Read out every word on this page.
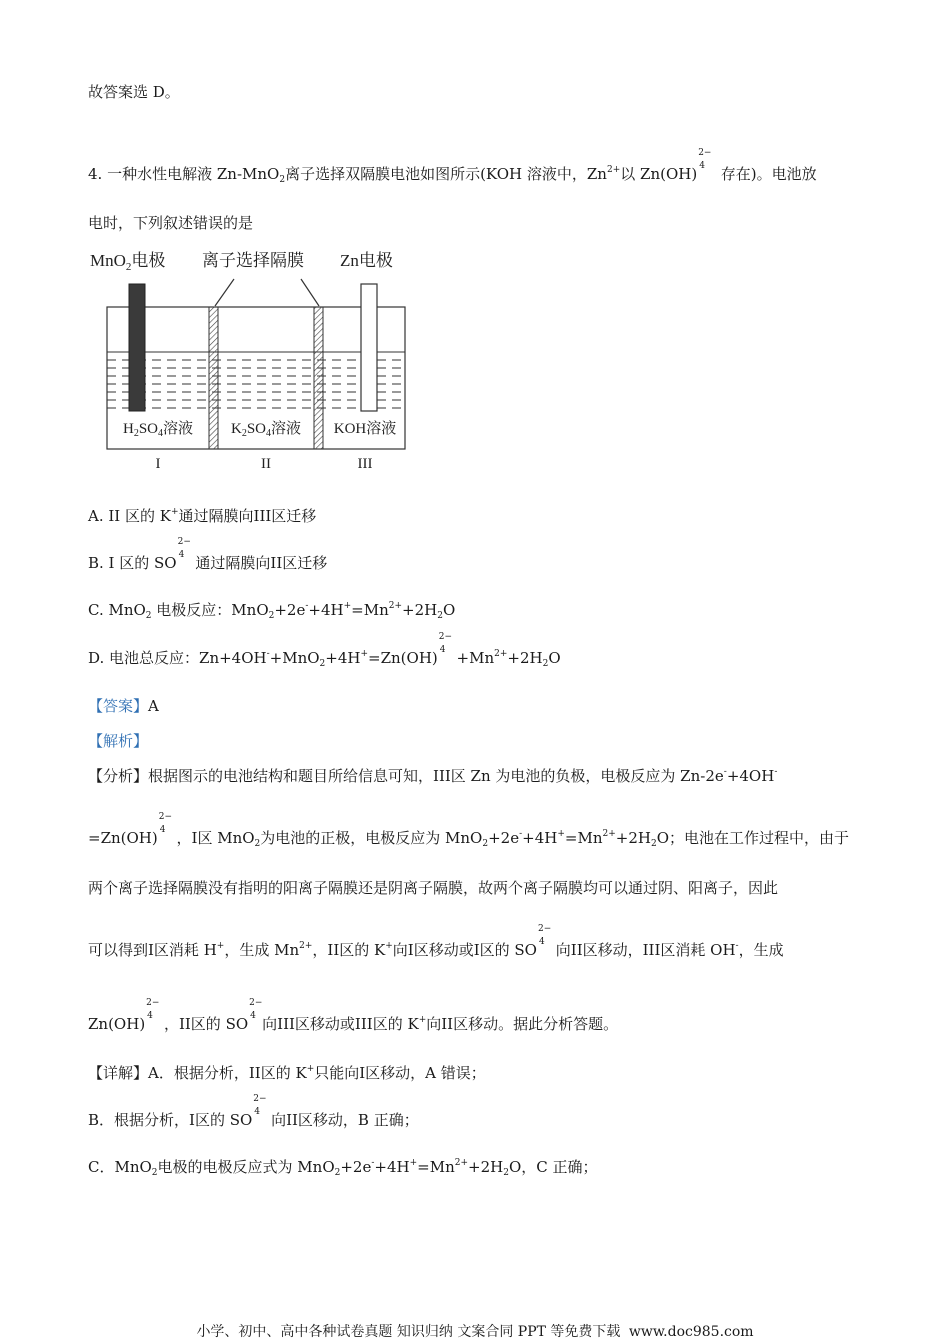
故答案选 D。
4. 一种水性电解液 Zn-MnO$_2$离子选择双隔膜电池如图所示(KOH 溶液中，$Zn^{2+}$以 Zn(OH)
2−
4 存在)。电池放
电时，下列叙述错误的是
MnO$_2$电极 离子选择隔膜 Zn电极
$H_2SO_4$溶液	$K_2SO_4$溶液 KOH溶液
I	II	III
A. II 区的 K+通过隔膜向III区迁移
B. I 区的 SO
2−
4 通过隔膜向II区迁移
C. MnO$_2$ 电极反应：$MnO_2+2e^-+4H^+=Mn^{2+}+2H_2O$
D. 电池总反应：Zn+4OH-+MnO$_2$+4H+=Zn(OH)
2−
$4 +Mn^{2+}+2H_2O$
【答案】A
【解析】
【分析】根据图示的电池结构和题目所给信息可知，III区 Zn 为电池的负极，电极反应为 Zn-2e-+4OH-
=Zn(OH)
2−
4 ，I区 MnO$_2$为电池的正极，电极反应为 $MnO_2+2e^-+4H^+=Mn^{2+}+2H_2O$；电池在工作过程中，由于
两个离子选择隔膜没有指明的阳离子隔膜还是阴离子隔膜，故两个离子隔膜均可以通过阴、阳离子，因此
可以得到I区消耗 H+，生成 $Mn^{2+}$，II区的 K+向I区移动或I区的 SO
2−
4 向II区移动，III区消耗 OH-，生成
Zn(OH)
2−
4 ，II区的 SO
2−
4 向III区移动或III区的 K+向II区移动。据此分析答题。
【详解】A．根据分析，II区的 K+只能向I区移动，A 错误；
B．根据分析，I区的 SO
2−
4 向II区移动，B 正确；
C．MnO$_2$电极的电极反应式为 $MnO_2+2e^-+4H^+=Mn^{2+}+2H_2O$，C 正确；
小学、初中、高中各种试卷真题 知识归纳 文案合同 PPT 等免费下载 www.doc985.com
